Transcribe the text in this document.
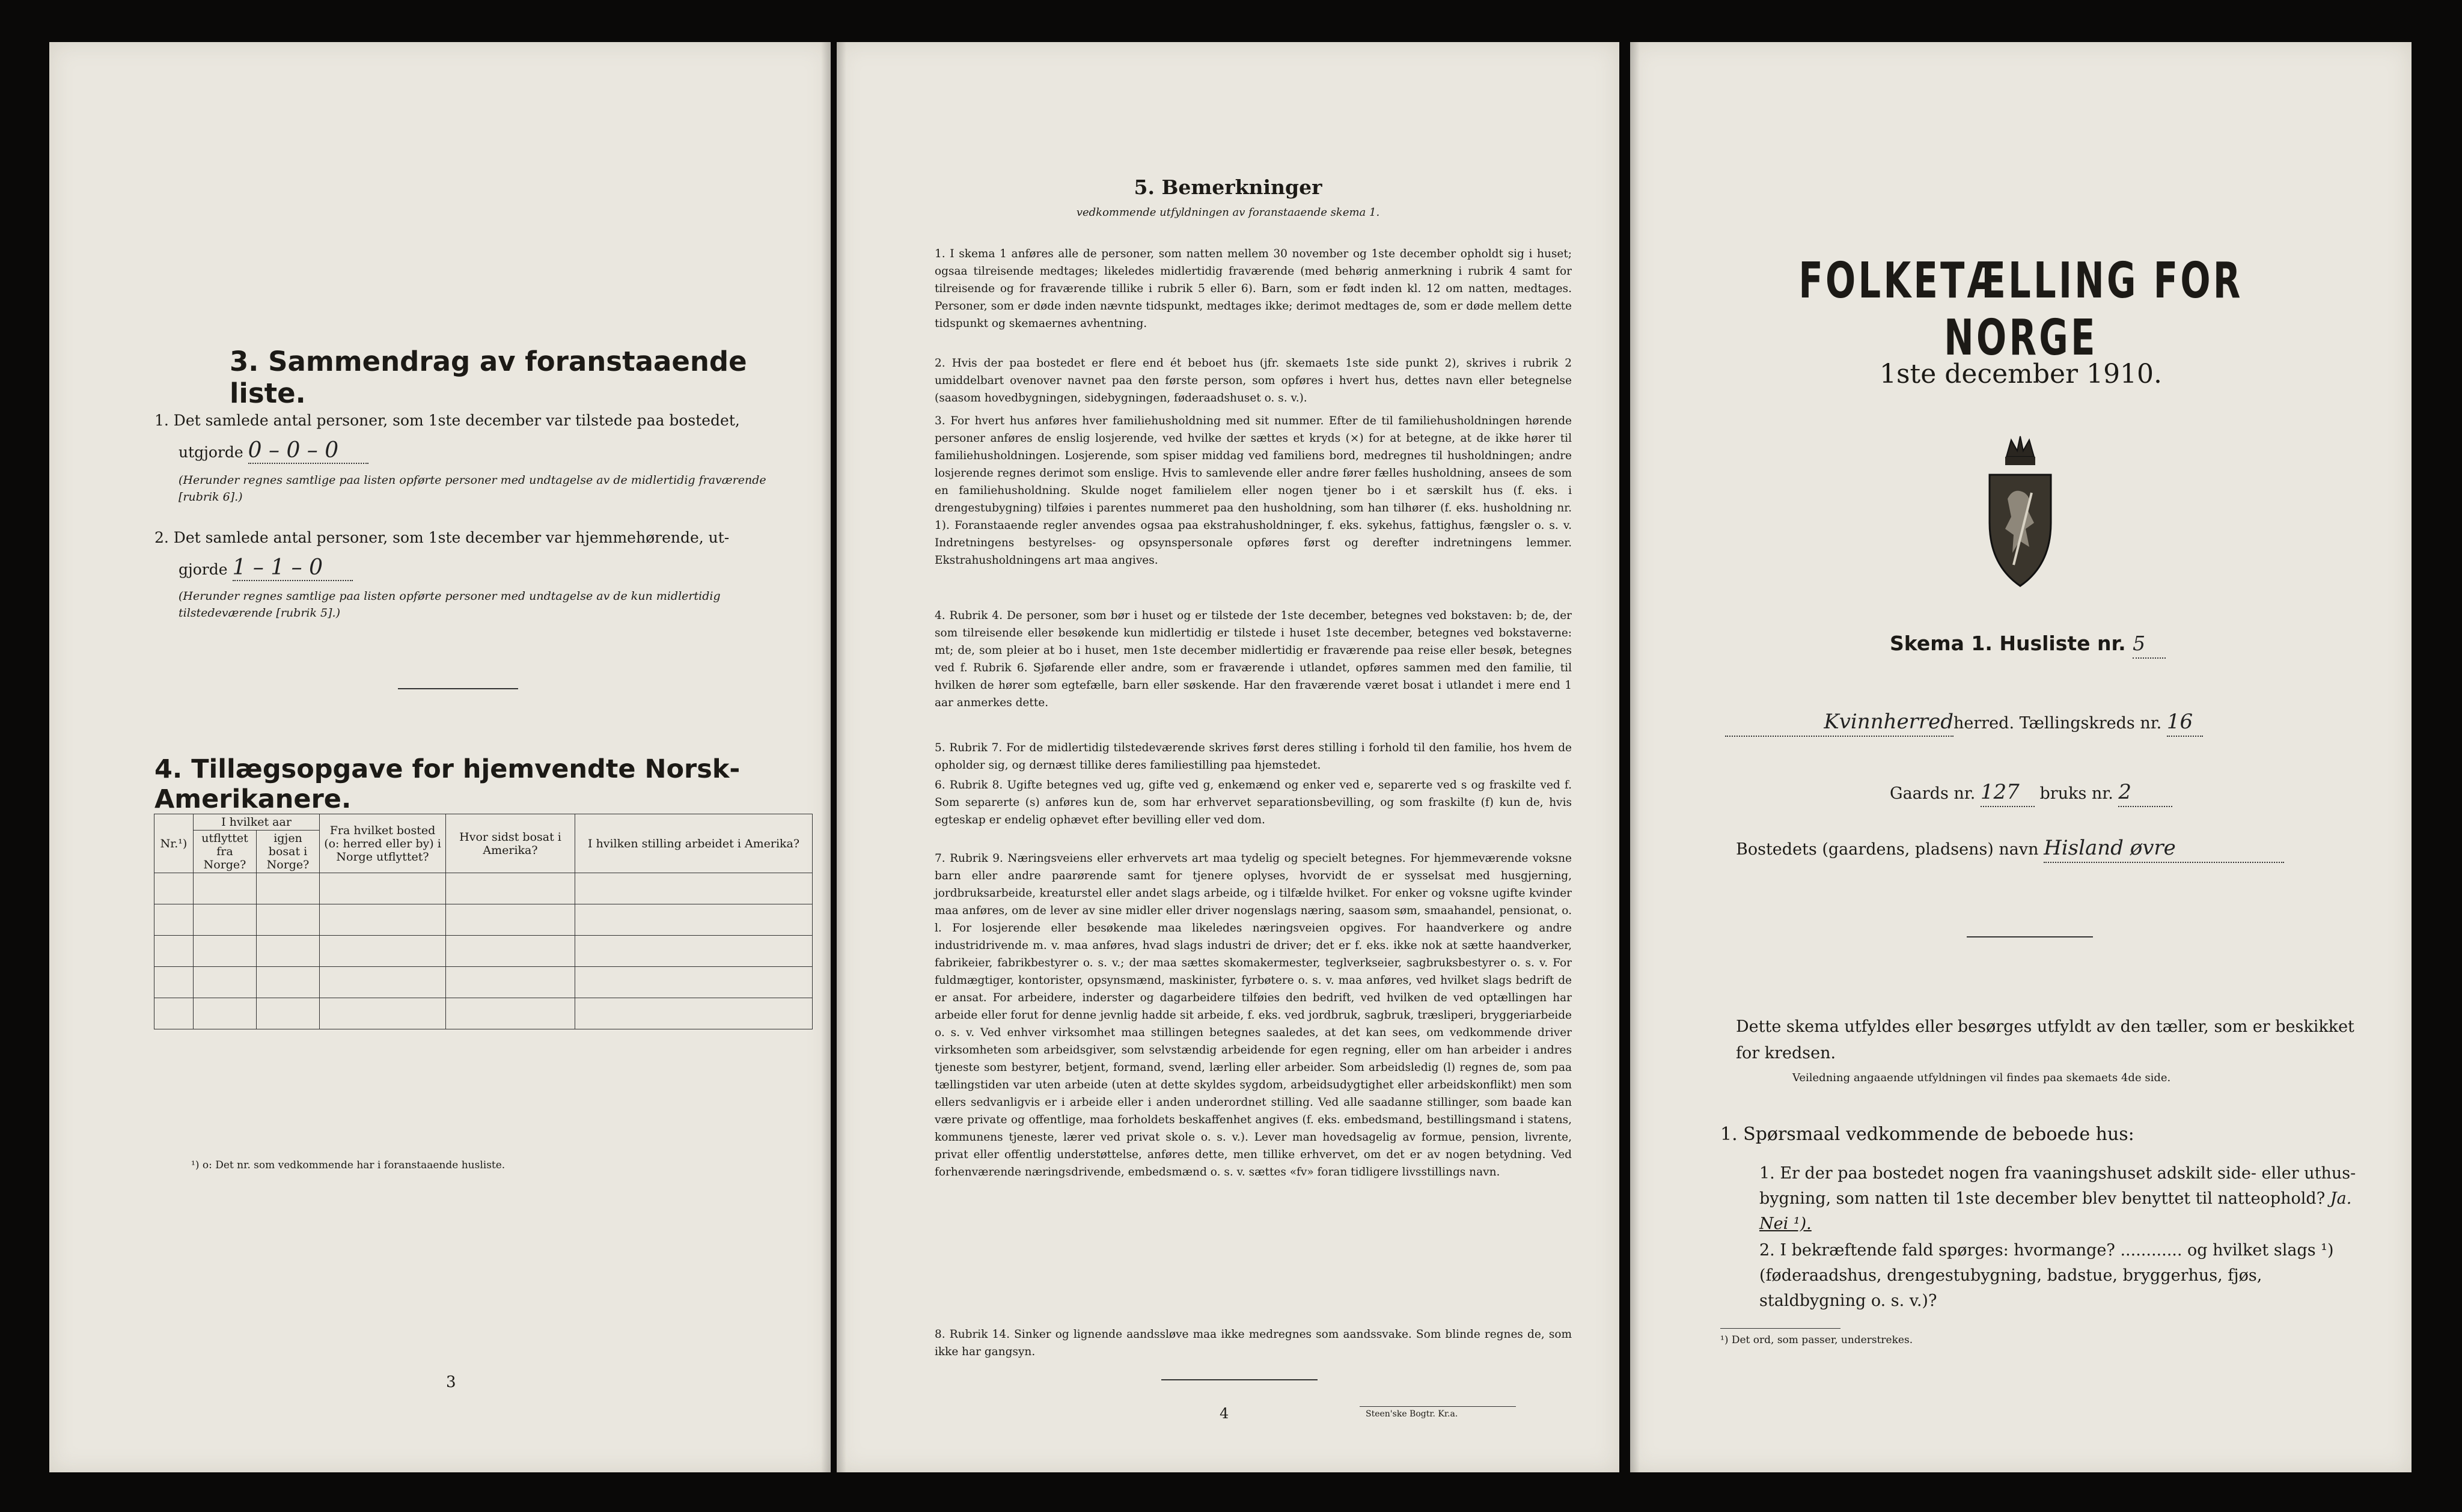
3. Sammendrag av foranstaaende liste.
1. Det samlede antal personer, som 1ste december var tilstede paa bostedet,
utgjorde 0 – 0 – 0
(Herunder regnes samtlige paa listen opførte personer med undtagelse av de midlertidig fraværende [rubrik 6].)
2. Det samlede antal personer, som 1ste december var hjemmehørende, ut-
gjorde 1 – 1 – 0
(Herunder regnes samtlige paa listen opførte personer med undtagelse av de kun midlertidig tilstedeværende [rubrik 5].)
4. Tillægsopgave for hjemvendte Norsk-Amerikanere.
Nr.¹)	I hvilket aar		Fra hvilket bosted (o: herred eller by) i Norge utflyttet?	Hvor sidst bosat i Amerika?	I hvilken stilling arbeidet i Amerika?
	utflyttet fra Norge?	igjen bosat i Norge?			

¹) o: Det nr. som vedkommende har i foranstaaende husliste.
3
5. Bemerkninger
vedkommende utfyldningen av foranstaaende skema 1.
1. I skema 1 anføres alle de personer, som natten mellem 30 november og 1ste december opholdt sig i huset; ogsaa tilreisende medtages; likeledes midlertidig fraværende (med behørig anmerkning i rubrik 4 samt for tilreisende og for fraværende tillike i rubrik 5 eller 6). Barn, som er født inden kl. 12 om natten, medtages. Personer, som er døde inden nævnte tidspunkt, medtages ikke; derimot medtages de, som er døde mellem dette tidspunkt og skemaernes avhentning.
2. Hvis der paa bostedet er flere end ét beboet hus (jfr. skemaets 1ste side punkt 2), skrives i rubrik 2 umiddelbart ovenover navnet paa den første person, som opføres i hvert hus, dettes navn eller betegnelse (saasom hovedbygningen, sidebygningen, føderaadshuset o. s. v.).
3. For hvert hus anføres hver familiehusholdning med sit nummer. Efter de til familiehusholdningen hørende personer anføres de enslig losjerende, ved hvilke der sættes et kryds (×) for at betegne, at de ikke hører til familiehusholdningen. Losjerende, som spiser middag ved familiens bord, medregnes til husholdningen; andre losjerende regnes derimot som enslige. Hvis to samlevende eller andre fører fælles husholdning, ansees de som en familiehusholdning. Skulde noget familielem eller nogen tjener bo i et særskilt hus (f. eks. i drengestubygning) tilføies i parentes nummeret paa den husholdning, som han tilhører (f. eks. husholdning nr. 1). Foranstaaende regler anvendes ogsaa paa ekstrahusholdninger, f. eks. sykehus, fattighus, fængsler o. s. v. Indretningens bestyrelses- og opsynspersonale opføres først og derefter indretningens lemmer. Ekstrahusholdningens art maa angives.
4. Rubrik 4. De personer, som bør i huset og er tilstede der 1ste december, betegnes ved bokstaven: b; de, der som tilreisende eller besøkende kun midlertidig er tilstede i huset 1ste december, betegnes ved bokstaverne: mt; de, som pleier at bo i huset, men 1ste december midlertidig er fraværende paa reise eller besøk, betegnes ved f. Rubrik 6. Sjøfarende eller andre, som er fraværende i utlandet, opføres sammen med den familie, til hvilken de hører som egtefælle, barn eller søskende. Har den fraværende været bosat i utlandet i mere end 1 aar anmerkes dette.
5. Rubrik 7. For de midlertidig tilstedeværende skrives først deres stilling i forhold til den familie, hos hvem de opholder sig, og dernæst tillike deres familiestilling paa hjemstedet.
6. Rubrik 8. Ugifte betegnes ved ug, gifte ved g, enkemænd og enker ved e, separerte ved s og fraskilte ved f. Som separerte (s) anføres kun de, som har erhvervet separationsbevilling, og som fraskilte (f) kun de, hvis egteskap er endelig ophævet efter bevilling eller ved dom.
7. Rubrik 9. Næringsveiens eller erhvervets art maa tydelig og specielt betegnes. For hjemmeværende voksne barn eller andre paarørende samt for tjenere oplyses, hvorvidt de er sysselsat med husgjerning, jordbruksarbeide, kreaturstel eller andet slags arbeide, og i tilfælde hvilket. For enker og voksne ugifte kvinder maa anføres, om de lever av sine midler eller driver nogenslags næring, saasom søm, smaahandel, pensionat, o. l. For losjerende eller besøkende maa likeledes næringsveien opgives. For haandverkere og andre industridrivende m. v. maa anføres, hvad slags industri de driver; det er f. eks. ikke nok at sætte haandverker, fabrikeier, fabrikbestyrer o. s. v.; der maa sættes skomakermester, teglverkseier, sagbruksbestyrer o. s. v. For fuldmægtiger, kontorister, opsynsmænd, maskinister, fyrbøtere o. s. v. maa anføres, ved hvilket slags bedrift de er ansat. For arbeidere, inderster og dagarbeidere tilføies den bedrift, ved hvilken de ved optællingen har arbeide eller forut for denne jevnlig hadde sit arbeide, f. eks. ved jordbruk, sagbruk, træsliperi, bryggeriarbeide o. s. v. Ved enhver virksomhet maa stillingen betegnes saaledes, at det kan sees, om vedkommende driver virksomheten som arbeidsgiver, som selvstændig arbeidende for egen regning, eller om han arbeider i andres tjeneste som bestyrer, betjent, formand, svend, lærling eller arbeider. Som arbeidsledig (l) regnes de, som paa tællingstiden var uten arbeide (uten at dette skyldes sygdom, arbeidsudygtighet eller arbeidskonflikt) men som ellers sedvanligvis er i arbeide eller i anden underordnet stilling. Ved alle saadanne stillinger, som baade kan være private og offentlige, maa forholdets beskaffenhet angives (f. eks. embedsmand, bestillingsmand i statens, kommunens tjeneste, lærer ved privat skole o. s. v.). Lever man hovedsagelig av formue, pension, livrente, privat eller offentlig understøttelse, anføres dette, men tillike erhvervet, om det er av nogen betydning. Ved forhenværende næringsdrivende, embedsmænd o. s. v. sættes «fv» foran tidligere livsstillings navn.
8. Rubrik 14. Sinker og lignende aandssløve maa ikke medregnes som aandssvake. Som blinde regnes de, som ikke har gangsyn.
4	Steen'ske Bogtr. Kr.a.
FOLKETÆLLING FOR NORGE
1ste december 1910.
Skema 1. Husliste nr. 5
Kvinnherredherred. Tællingskreds nr. 16
Gaards nr. 127 bruks nr. 2
Bostedets (gaardens, pladsens) navn Hisland øvre
Dette skema utfyldes eller besørges utfyldt av den tæller, som er beskikket for kredsen.
Veiledning angaaende utfyldningen vil findes paa skemaets 4de side.
1. Spørsmaal vedkommende de beboede hus:
1. Er der paa bostedet nogen fra vaaningshuset adskilt side- eller uthus-bygning, som natten til 1ste december blev benyttet til natteophold? Ja. Nei ¹).
2. I bekræftende fald spørges: hvormange? ............ og hvilket slags ¹) (føderaadshus, drengestubygning, badstue, bryggerhus, fjøs, staldbygning o. s. v.)?
¹) Det ord, som passer, understrekes.
